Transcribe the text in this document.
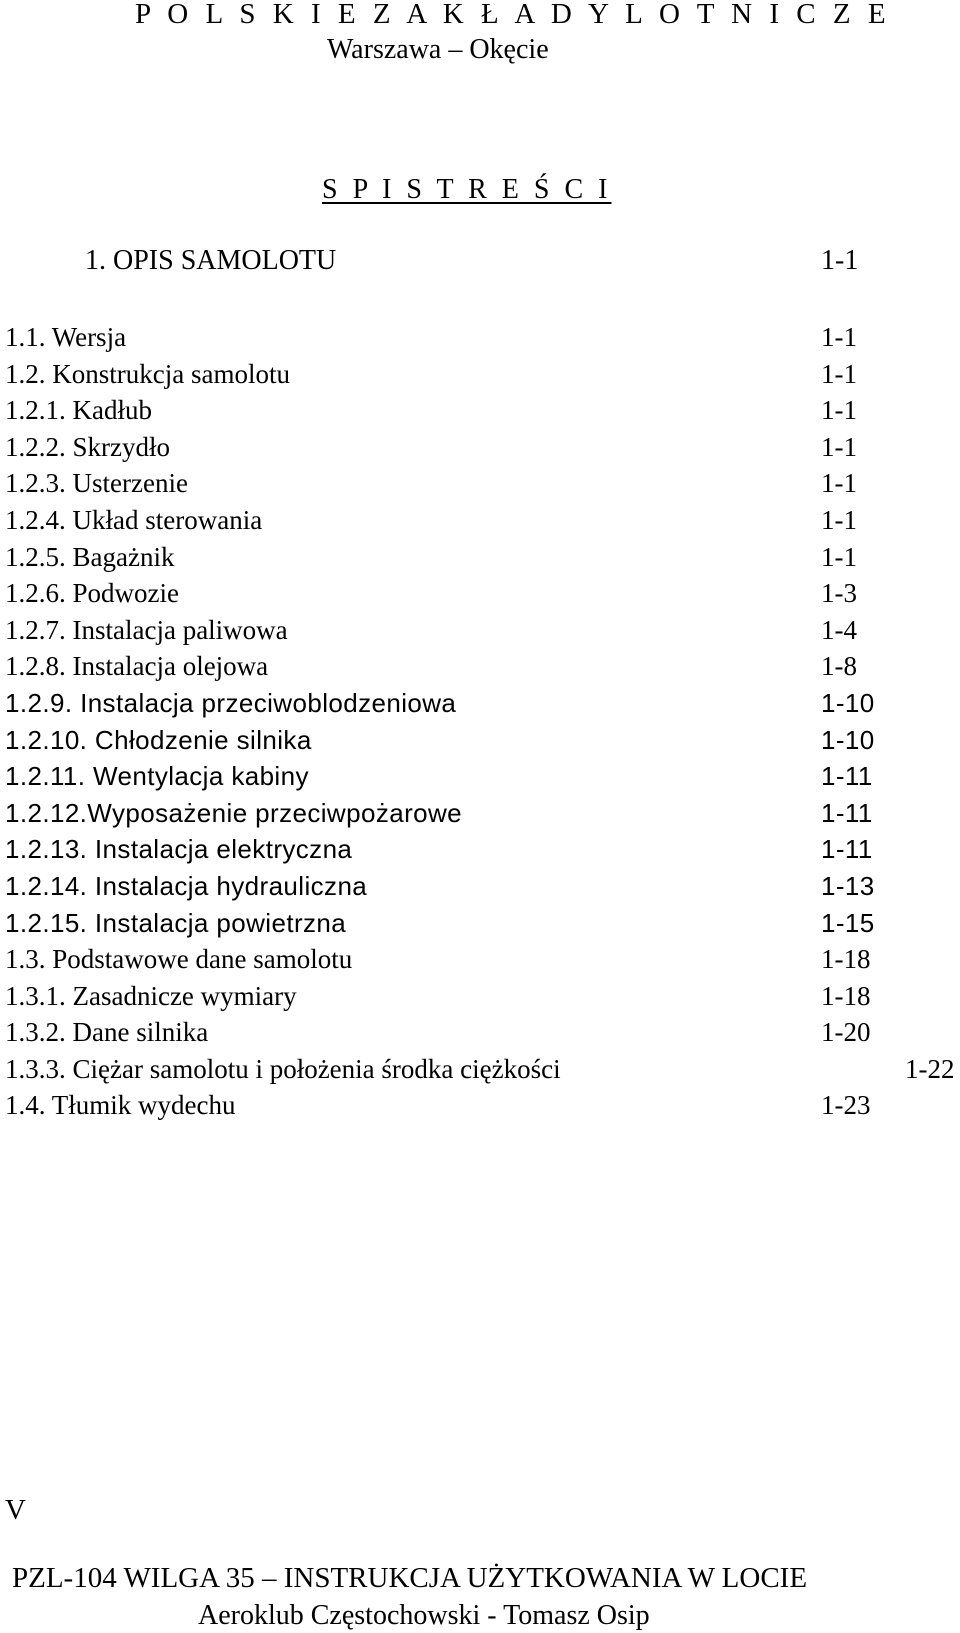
P O L S K I E Z A K Ł A D Y L O T N I C Z E
Warszawa – Okęcie
S P I S T R E Ś C I
1. OPIS SAMOLOTU	1-1
1.1. Wersja	1-1
1.2. Konstrukcja samolotu	1-1
1.2.1. Kadłub	1-1
1.2.2. Skrzydło	1-1
1.2.3. Usterzenie	1-1
1.2.4. Układ sterowania	1-1
1.2.5. Bagażnik	1-1
1.2.6. Podwozie	1-3
1.2.7. Instalacja paliwowa	1-4
1.2.8. Instalacja olejowa	1-8
1.2.9. Instalacja przeciwoblodzeniowa	1-10
1.2.10. Chłodzenie silnika	1-10
1.2.11. Wentylacja kabiny	1-11
1.2.12.Wyposażenie przeciwpożarowe	1-11
1.2.13. Instalacja elektryczna	1-11
1.2.14. Instalacja hydrauliczna	1-13
1.2.15. Instalacja powietrzna	1-15
1.3. Podstawowe dane samolotu	1-18
1.3.1. Zasadnicze wymiary	1-18
1.3.2. Dane silnika	1-20
1.3.3. Ciężar samolotu i położenia środka ciężkości	1-22
1.4. Tłumik wydechu	1-23
V
PZL-104 WILGA 35 – INSTRUKCJA UŻYTKOWANIA W LOCIE
Aeroklub Częstochowski - Tomasz Osip
